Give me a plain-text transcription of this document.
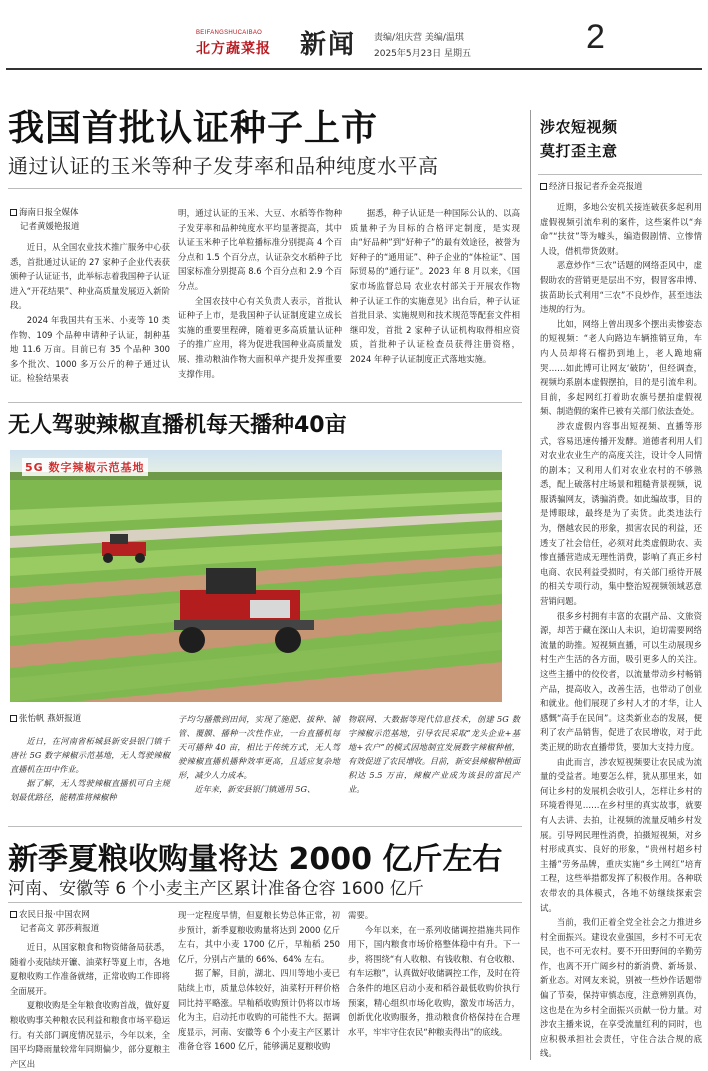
BEIFANGSHUCAIBAO
北方蔬菜报 新闻 责编/俎庆营 美编/温琪
2025年5月23日 星期五	2
我国首批认证种子上市
通过认证的玉米等种子发芽率和品种纯度水平高
海南日报全媒体
记者黄媛艳报道

近日，从全国农业技术推广服务中心获悉，首批通过认证的 27 家种子企业代表获颁种子认证证书，此举标志着我国种子认证进入“开花结果”、种业高质量发展迈入新阶段。

2024 年我国共有玉米、小麦等 10 类作物、109 个品种申请种子认证，制种基地 11.6 万亩。目前已有 35 个品种 300 多个批次、1000 多万公斤的种子通过认证。检验结果表

明，通过认证的玉米、大豆、水稻等作物种子发芽率和品种纯度水平均显著提高，其中认证玉米种子比单粒播标准分别提高 4 个百分点和 1.5 个百分点，认证杂交水稻种子比国家标准分别提高 8.6 个百分点和 2.9 个百分点。

全国农技中心有关负责人表示，首批认证种子上市，是我国种子认证制度建立成长实施的重要里程碑，随着更多高质量认证种子的推广应用，将为促进我国种业高质量发展、推动粮油作物大面积单产提升发挥重要支撑作用。

据悉，种子认证是一种国际公认的、以高质量种子为目标的合格评定制度，是实现由“好品种”到“好种子”的最有效途径，被誉为好种子的“通用证”、种子企业的“体检证”、国际贸易的“通行证”。2023 年 8 月以来，《国家市场监督总局 农业农村部关于开展农作物种子认证工作的实施意见》出台后，种子认证首批目录、实施规则和技术规范等配套文件相继印发，首批 2 家种子认证机构取得相应资质，首批种子认证检查员获得注册资格，2024 年种子认证制度正式落地实施。

无人驾驶辣椒直播机每天播种40亩
5G 数字辣椒示范基地
张怡帆 燕妍报道

近日，在河南省柘城县新安县银门镇千唐社 5G 数字辣椒示范基地，无人驾驶辣椒直播机在田中作业。

据了解，无人驾驶辣椒直播机可自主规划最优路径，能精准将辣椒种

子均匀播撒到田间，实现了施肥、拔种、铺管、覆膜、播种一次性作业，一台直播机每天可播种 40 亩，相比于传统方式，无人驾驶辣椒直播机播种效率更高，且适应复杂地形，减少人力成本。

近年来，新安县银门镇通用 5G、

物联网、大数据等现代信息技术，创建 5G 数字辣椒示范基地，引导农民采取“龙头企业+基地+农户”的模式因地制宜发展数字辣椒种植，有效促进了农民增收。目前，新安县辣椒种植面积达 5.5 万亩，辣椒产业成为该县的富民产业。

新季夏粮收购量将达 2000 亿斤左右
河南、安徽等 6 个小麦主产区累计准备仓容 1600 亿斤
农民日报·中国农网
记者高文 郭莎莉报道

近日，从国家粮食和物资储备局获悉，随着小麦陆续开镰、油菜籽等夏上市，各地夏粮收购工作准备就绪，正常收购工作即将全面展开。

夏粮收购是全年粮食收购首战，做好夏粮收购事关种粮农民利益和粮食市场平稳运行。有关部门调度情况显示，今年以来，全国平均降雨量较常年同期偏少，部分夏粮主产区出

现一定程度旱情，但夏粮长势总体正常，初步预计，新季夏粮收购量将达到 2000 亿斤左右，其中小麦 1700 亿斤，早籼稻 250 亿斤，分别占产量的 66%、64% 左右。

据了解，目前，湖北、四川等地小麦已陆续上市，质量总体较好，油菜籽开秤价格同比持平略涨。早籼稻收购预计仍将以市场化为主，启动托市收购的可能性不大。据调度显示，河南、安徽等 6 个小麦主产区累计准备仓容 1600 亿斤，能够满足夏粮收购

需要。

今年以来，在一系列收储调控措施共同作用下，国内粮食市场价格整体稳中有升。下一步，将围绕“有人收粮、有钱收粮、有仓收粮、有车运粮”，认真做好收储调控工作，及时在符合条件的地区启动小麦和稻谷最低收购价执行预案，精心组织市场化收购，激发市场活力，创新优化收购服务，推动粮食价格保持在合理水平，牢牢守住农民“种粮卖得出”的底线。

涉农短视频
莫打歪主意
经济日报记者乔金亮报道

近期，多地公安机关接连破获多起利用虚假视频引流牟利的案件，这些案件以“奔命”“扶贫”等为噱头，编造假剧情、立惨情人设，借机带货敛财。

恶意炒作“三农”话题的网络歪风中，虚假助农的营销更是层出不穷，假冒客串博、拔苗助长式利用“三农”不良炒作，甚至违法违规的行为。

比如，网络上曾出现多个摆出卖惨姿态的短视频：“老人向路边车辆推销豆角，车内人员却将石榴扔到地上，老人跪地痛哭……如此博可让网友‘破防’，但经调查，视频均系剧本虚假摆拍，目的是引流牟利。目前，多起网红打着助农旗号摆拍虚假视频、制造假的案件已被有关部门依法查处。

涉农虚假内容事出短视频、直播等形式，容易迅速传播开发酵。道德者利用人们对农业农业生产的高度关注，设计令人同情的剧本；又利用人们对农业农村的不够熟悉，配上破落村庄场景和粗糙背景视频，说服诱骗网友，诱骗消费。如此编故事，目的是博眼球，最终是为了卖货。此类违法行为，僭越农民的形象，损害农民的利益，还透支了社会信任，必须对此类虚假助农、卖惨直播营造成无理性消费，影响了真正乡村电商、农民利益受损时，有关部门亟待开展的相关专项行动，集中整治短视频领域恶意营销问题。

很多乡村拥有丰富的农副产品、文旅资源，却苦于藏在深山人未识，迫切需要网络流量的助推。短视频直播，可以生动展现乡村生产生活的各方面，吸引更多人的关注。这些主播中的佼佼者，以流量带动乡村畅销产品，提高收入，改善生活，也带动了创业和就业。他们展现了乡村人才的才华，让人感慨“高手在民间”。这类新业态的发展，便利了农产品销售，促进了农民增收，对于此类正规的助农直播带货，要加大支持力度。

由此而言，涉农短视频要让农民成为流量的受益者。地要怎么样，犹从那里来，如何让乡村的发展机会收引人，怎样让乡村的环境看得见……在乡村里的真实故事，就要有人去讲、去拍，让视频的流量反哺乡村发展。引导网民理性消费，拍摄短视频，对乡村形成真实、良好的形象，“贵州村超乡村主播”劳务品牌，重庆实施“乡土网红”培育工程，这些举措都发挥了积极作用。各种联农带农的具体模式，各地不妨继续探索尝试。

当前，我们正着全党全社会之力推进乡村全面振兴。建设农业强国，乡村不可无农民，也不可无农村。要不开田野间的辛勤劳作，也离不开广阔乡村的新消费、新场景、新业态。对网友来说，别被一些炒作话题带偏了节奏，保持审慎态度，注意辨别真伪，这也是在为乡村全面振兴贡献一份力量。对涉农主播来说，在享受流量红利的同时，也应积极承担社会责任，守住合法合规的底线。
